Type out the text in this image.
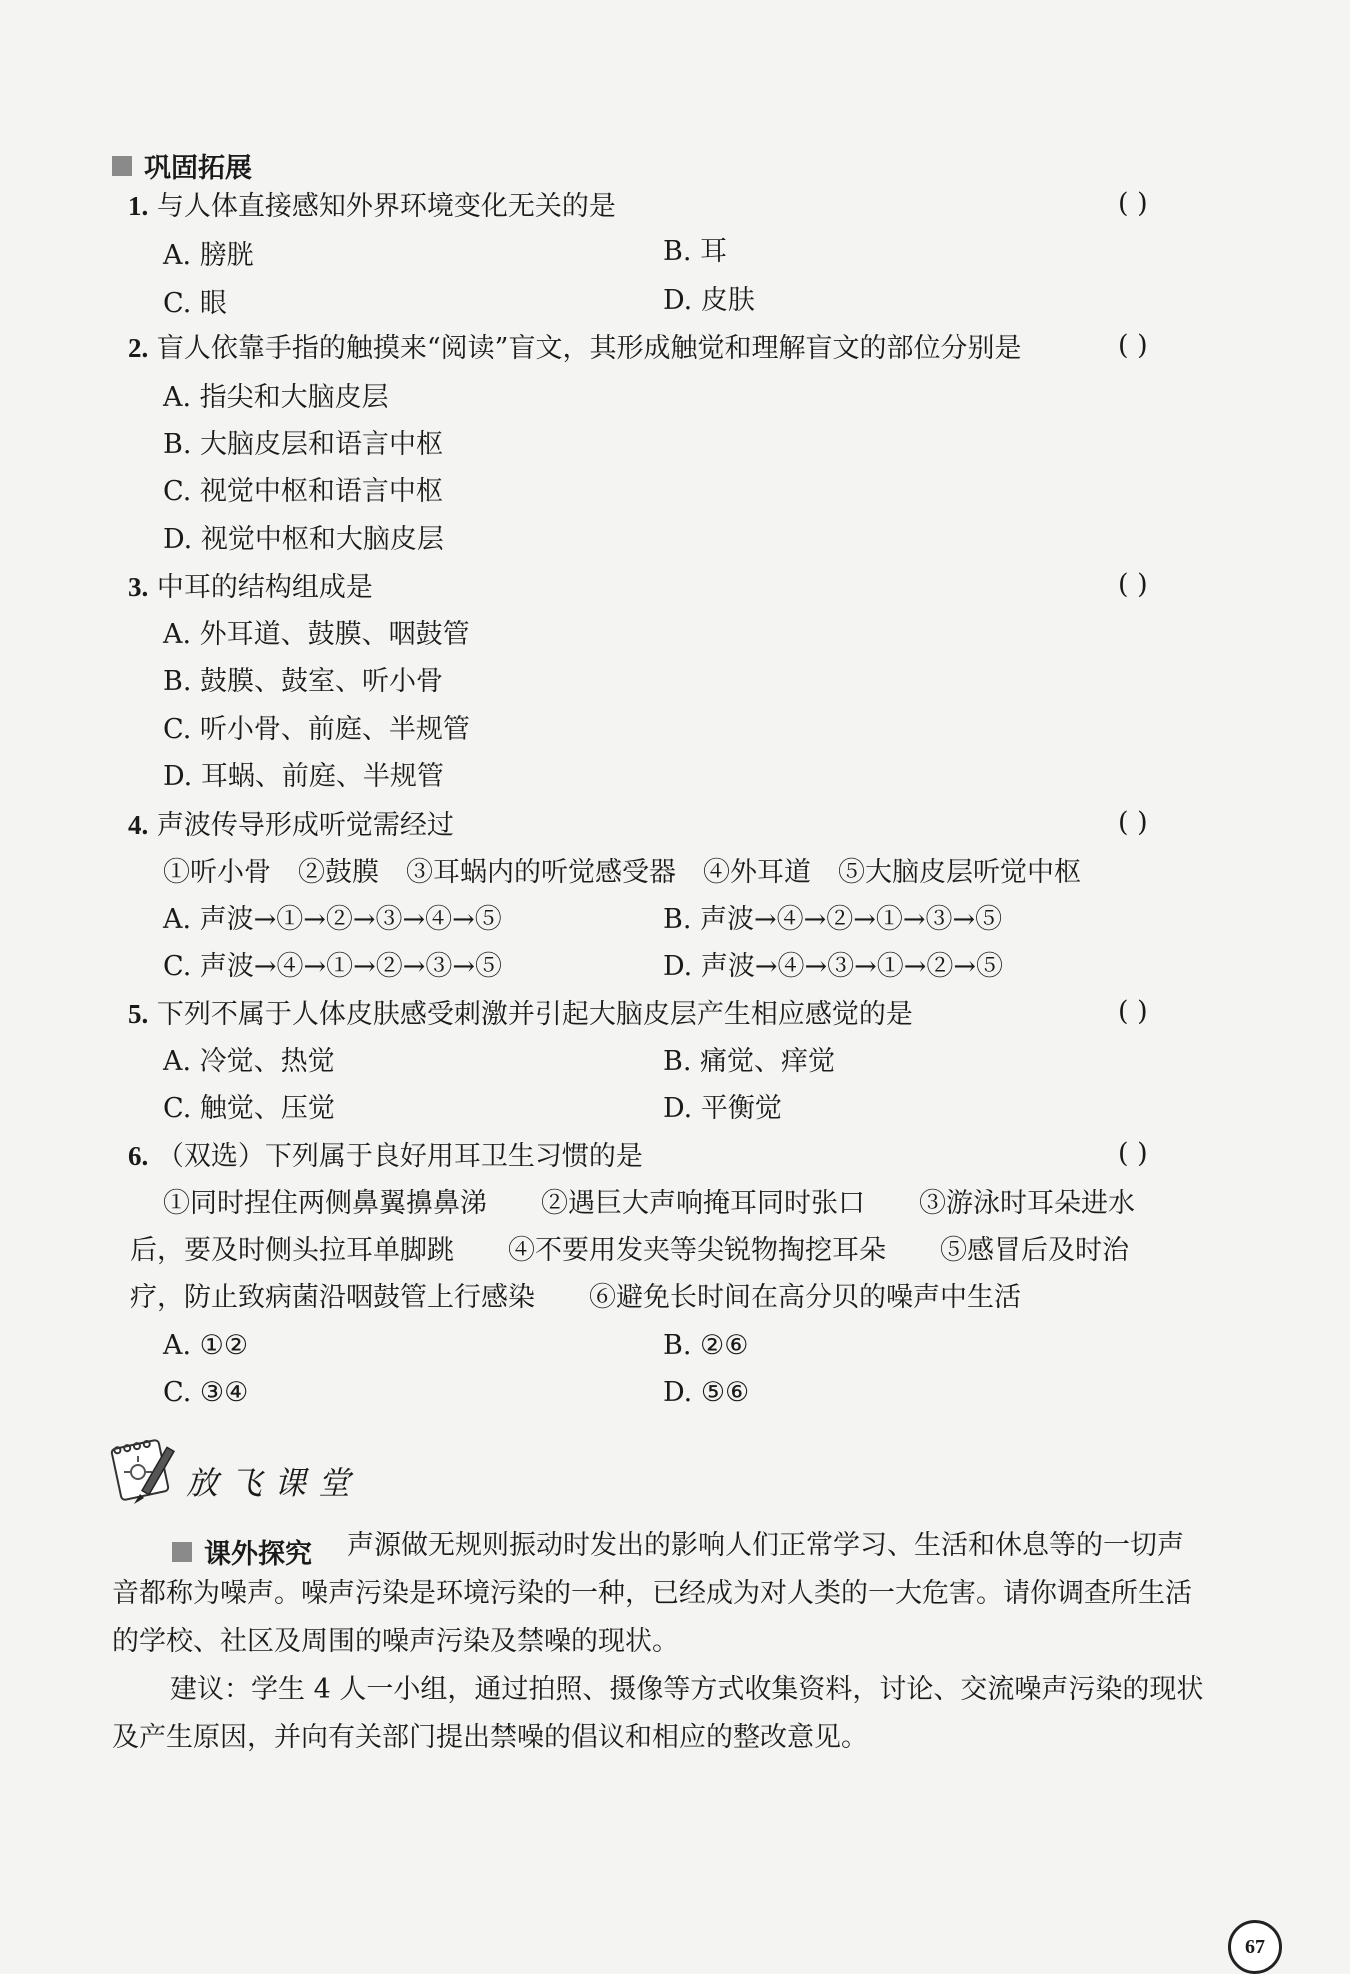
巩固拓展
1. 与人体直接感知外界环境变化无关的是	( )
A. 膀胱	B. 耳
C. 眼	D. 皮肤
2. 盲人依靠手指的触摸来“阅读”盲文，其形成触觉和理解盲文的部位分别是	( )
A. 指尖和大脑皮层
B. 大脑皮层和语言中枢
C. 视觉中枢和语言中枢
D. 视觉中枢和大脑皮层
3. 中耳的结构组成是	( )
A. 外耳道、鼓膜、咽鼓管
B. 鼓膜、鼓室、听小骨
C. 听小骨、前庭、半规管
D. 耳蜗、前庭、半规管
4. 声波传导形成听觉需经过	( )
①听小骨　②鼓膜　③耳蜗内的听觉感受器　④外耳道　⑤大脑皮层听觉中枢
A. 声波→①→②→③→④→⑤	B. 声波→④→②→①→③→⑤
C. 声波→④→①→②→③→⑤	D. 声波→④→③→①→②→⑤
5. 下列不属于人体皮肤感受刺激并引起大脑皮层产生相应感觉的是	( )
A. 冷觉、热觉	B. 痛觉、痒觉
C. 触觉、压觉	D. 平衡觉
6. （双选）下列属于良好用耳卫生习惯的是	( )
①同时捏住两侧鼻翼擤鼻涕　　②遇巨大声响掩耳同时张口　　③游泳时耳朵进水
后，要及时侧头拉耳单脚跳　　④不要用发夹等尖锐物掏挖耳朵　　⑤感冒后及时治
疗，防止致病菌沿咽鼓管上行感染　　⑥避免长时间在高分贝的噪声中生活
A. ①②	B. ②⑥
C. ③④	D. ⑤⑥
放飞课堂
课外探究	声源做无规则振动时发出的影响人们正常学习、生活和休息等的一切声音都称为噪声。噪声污染是环境污染的一种，已经成为对人类的一大危害。请你调查所生活的学校、社区及周围的噪声污染及禁噪的现状。
建议：学生 4 人一小组，通过拍照、摄像等方式收集资料，讨论、交流噪声污染的现状及产生原因，并向有关部门提出禁噪的倡议和相应的整改意见。
67
